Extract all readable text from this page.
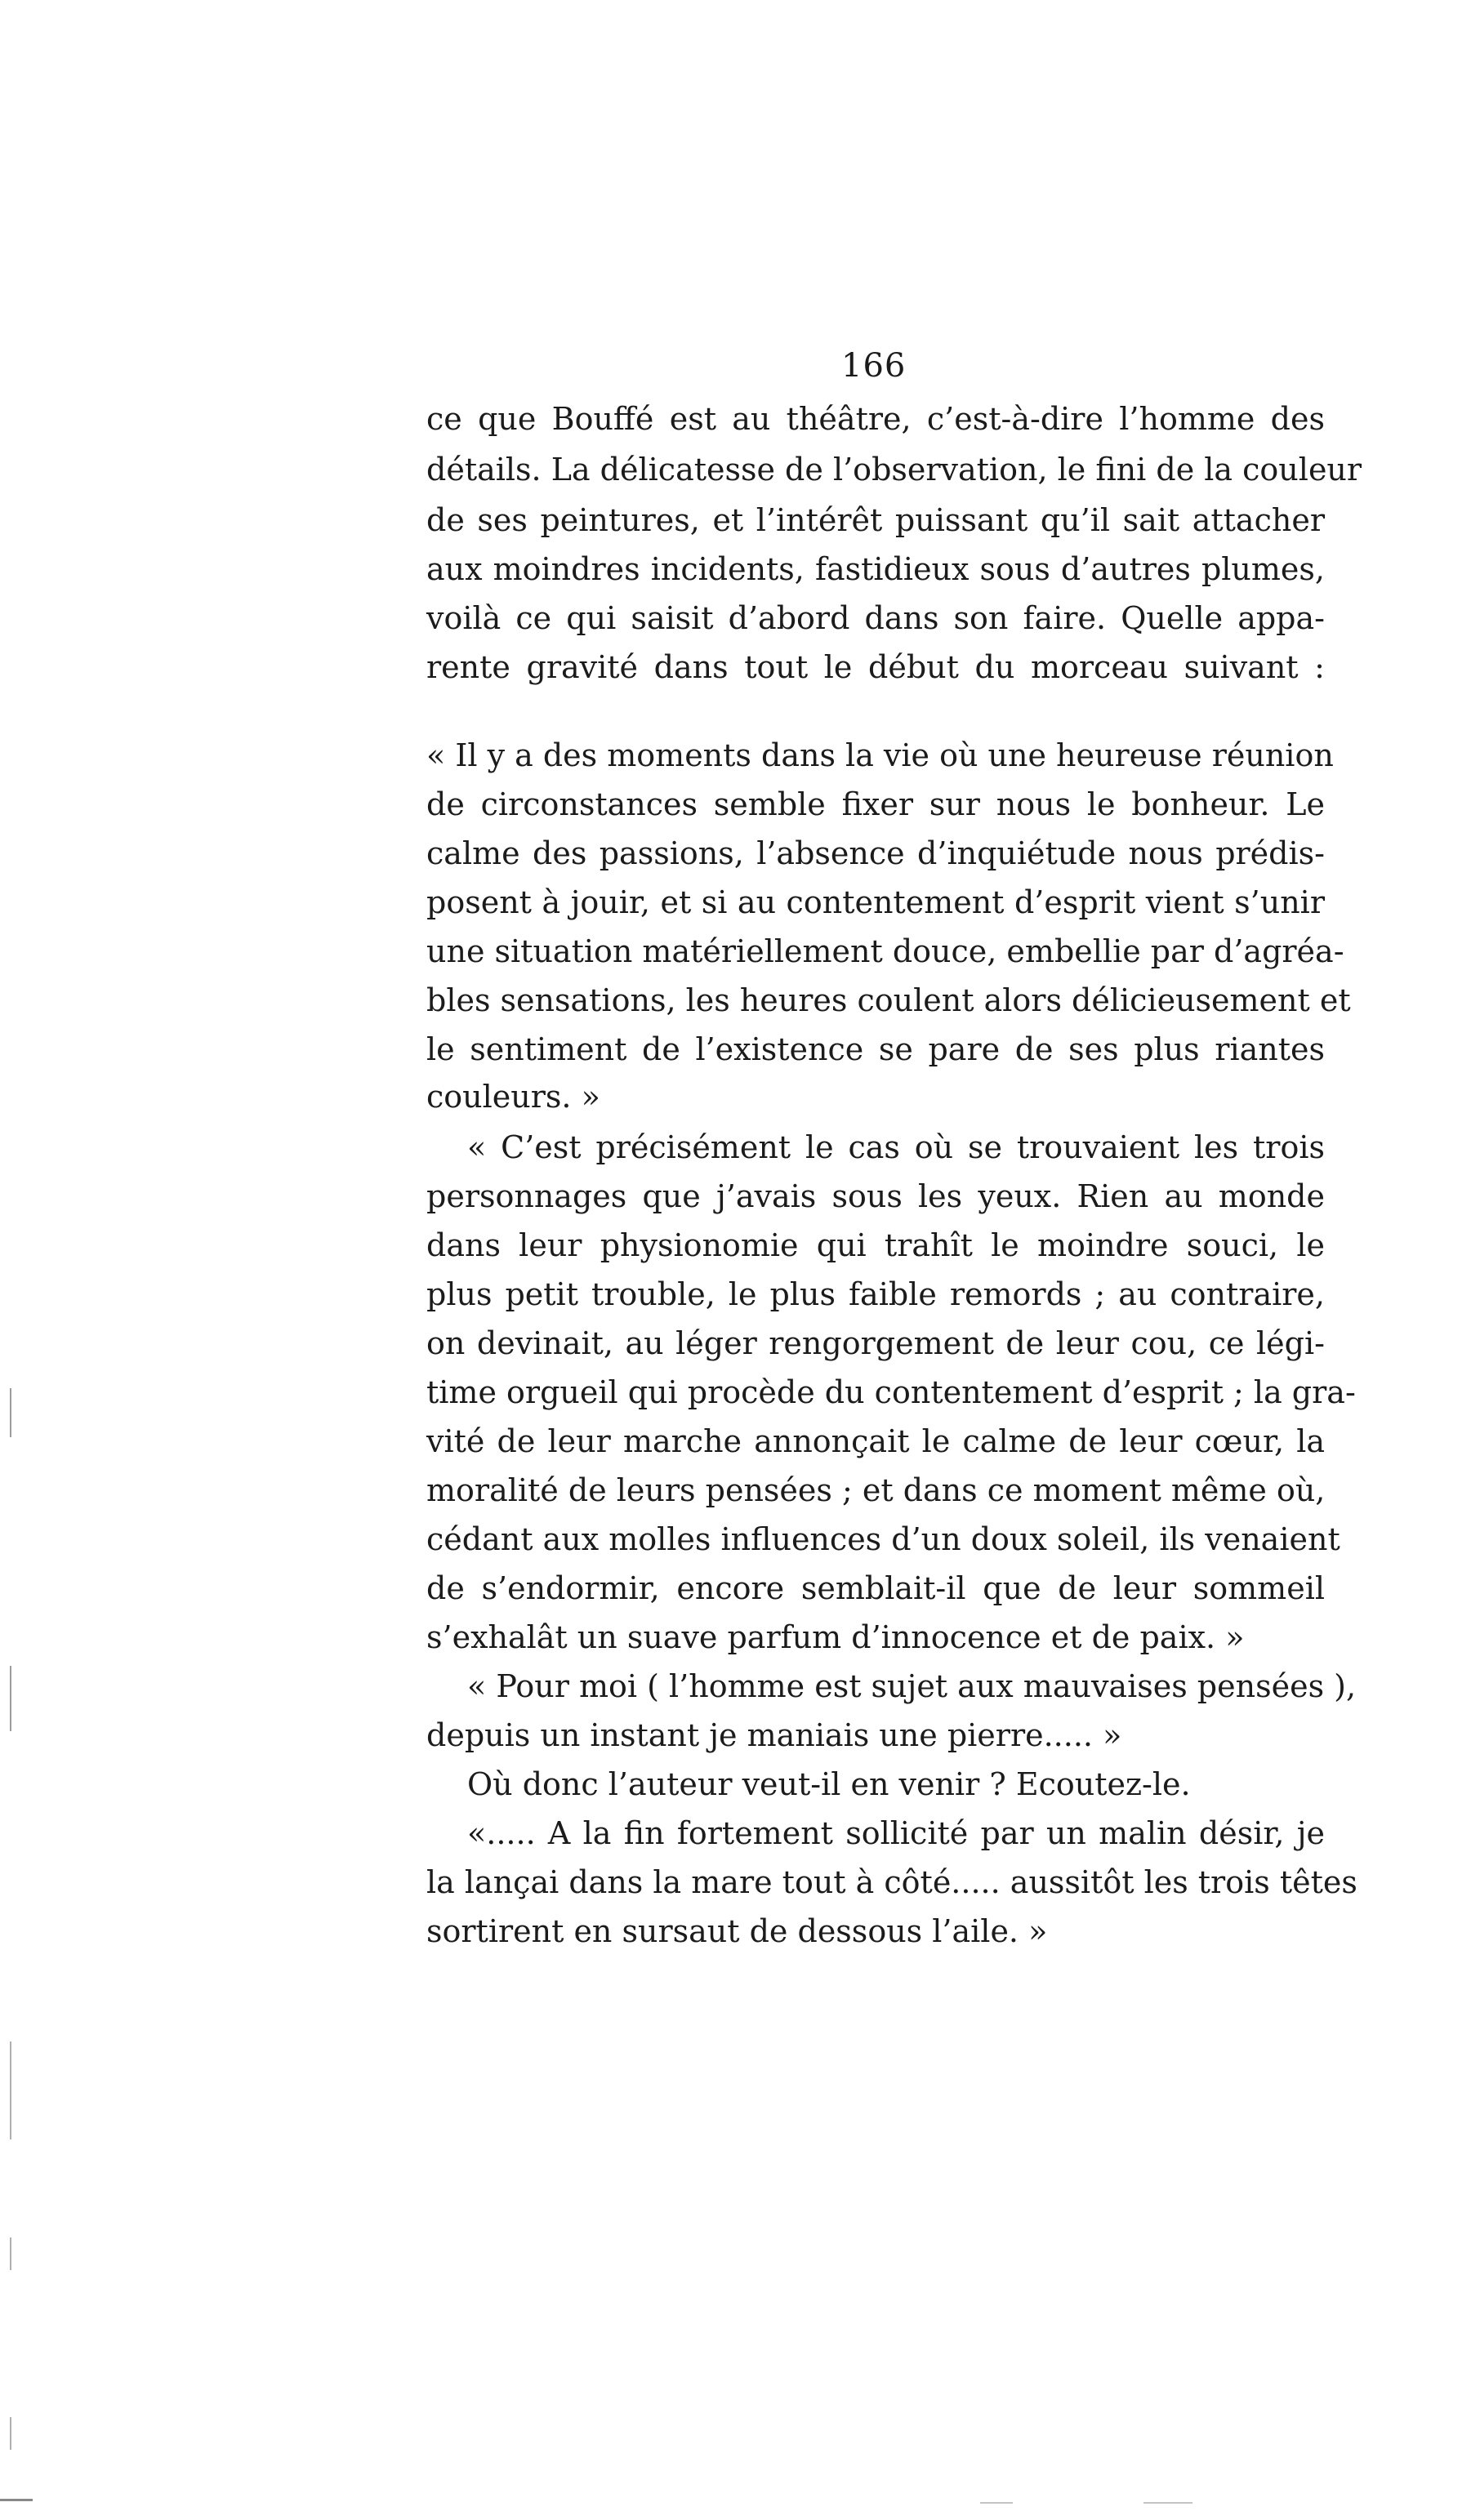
166
ce que Bouffé est au théâtre, c’est-à-dire l’homme des
détails. La délicatesse de l’observation, le fini de la couleur
de ses peintures, et l’intérêt puissant qu’il sait attacher
aux moindres incidents, fastidieux sous d’autres plumes,
voilà ce qui saisit d’abord dans son faire. Quelle appa-
rente gravité dans tout le début du morceau suivant :
« Il y a des moments dans la vie où une heureuse réunion
de circonstances semble fixer sur nous le bonheur. Le
calme des passions, l’absence d’inquiétude nous prédis-
posent à jouir, et si au contentement d’esprit vient s’unir
une situation matériellement douce, embellie par d’agréa-
bles sensations, les heures coulent alors délicieusement et
le sentiment de l’existence se pare de ses plus riantes
couleurs. »
« C’est précisément le cas où se trouvaient les trois
personnages que j’avais sous les yeux. Rien au monde
dans leur physionomie qui trahît le moindre souci, le
plus petit trouble, le plus faible remords ; au contraire,
on devinait, au léger rengorgement de leur cou, ce légi-
time orgueil qui procède du contentement d’esprit ; la gra-
vité de leur marche annonçait le calme de leur cœur, la
moralité de leurs pensées ; et dans ce moment même où,
cédant aux molles influences d’un doux soleil, ils venaient
de s’endormir, encore semblait-il que de leur sommeil
s’exhalât un suave parfum d’innocence et de paix. »
« Pour moi ( l’homme est sujet aux mauvaises pensées ),
depuis un instant je maniais une pierre..... »
Où donc l’auteur veut-il en venir ? Ecoutez-le.
«..... A la fin fortement sollicité par un malin désir, je
la lançai dans la mare tout à côté..... aussitôt les trois têtes
sortirent en sursaut de dessous l’aile. »
